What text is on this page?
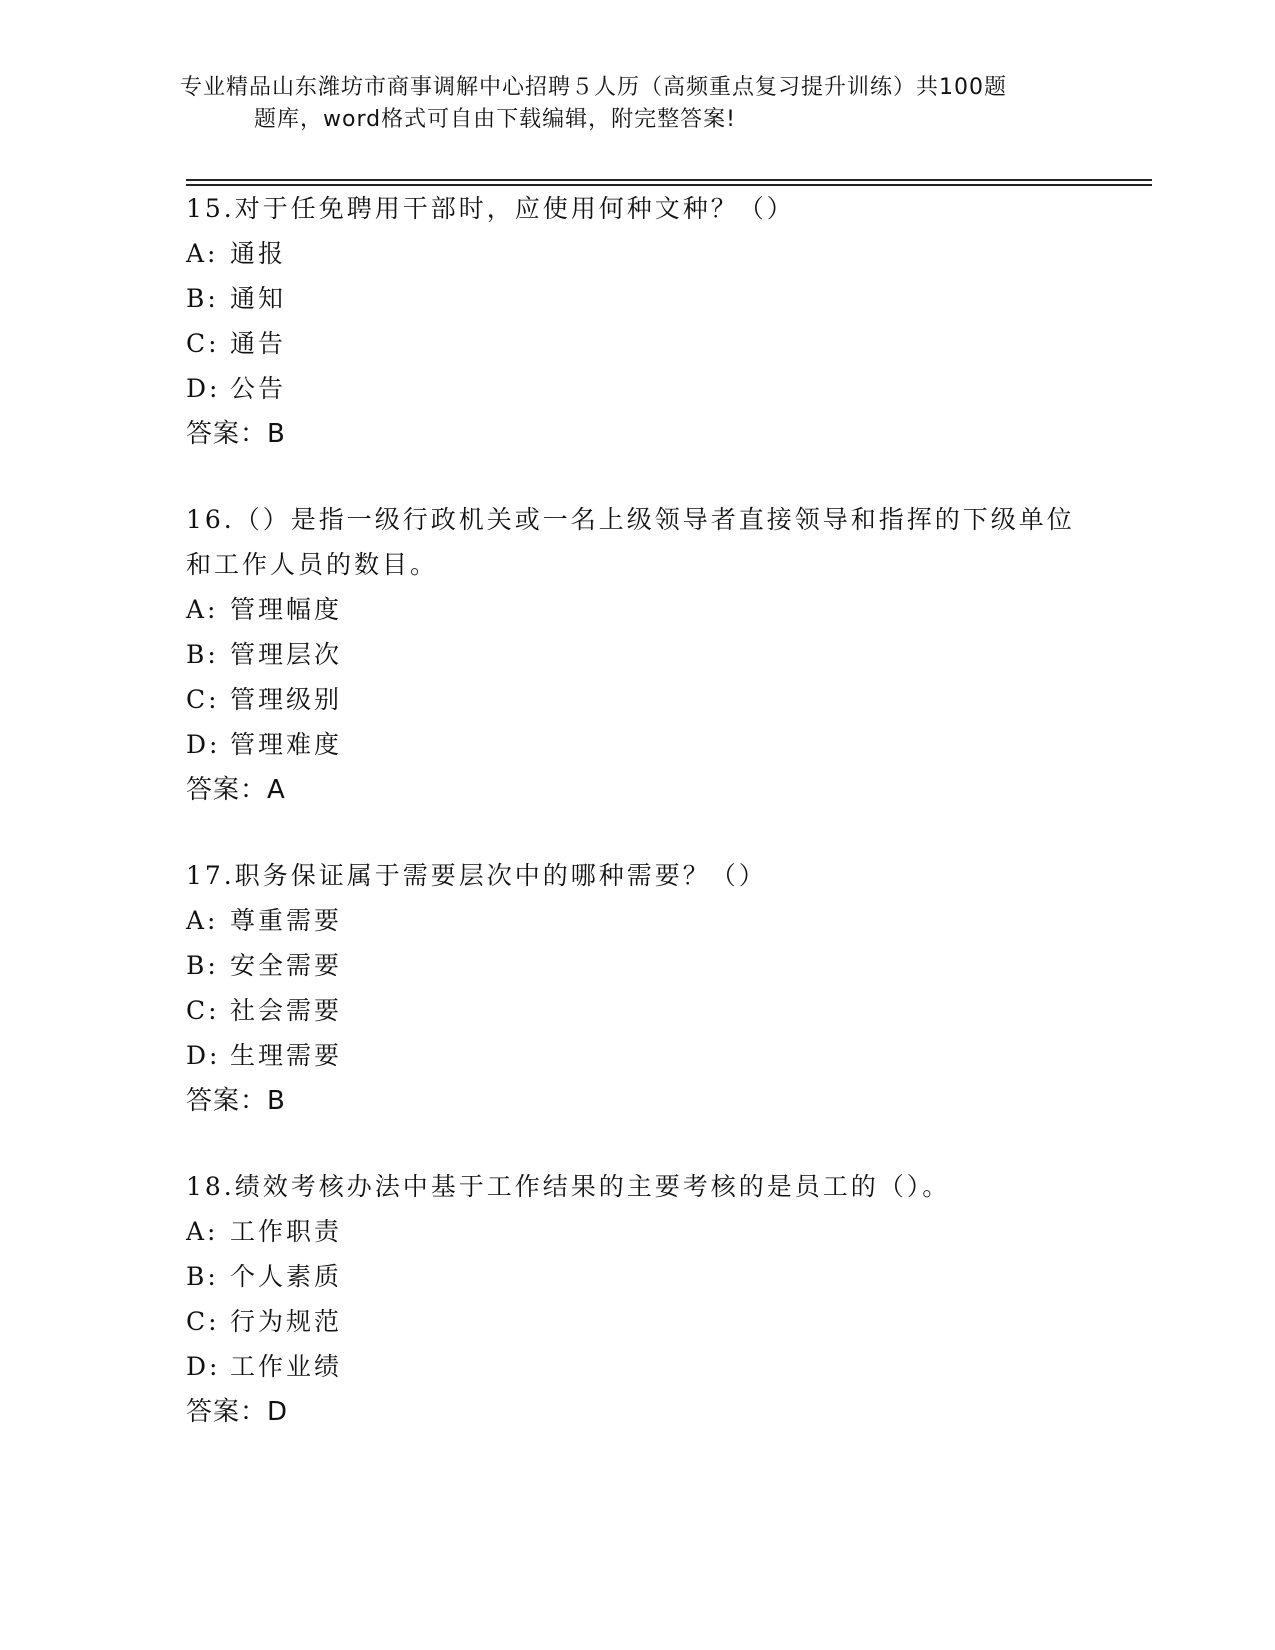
专业精品山东潍坊市商事调解中心招聘５人历（高频重点复习提升训练）共100题
题库，word格式可自由下载编辑，附完整答案!
15.对于任免聘用干部时，应使用何种文种？（）
A: 通报
B: 通知
C: 通告
D: 公告
答案：B
16.（）是指一级行政机关或一名上级领导者直接领导和指挥的下级单位和工作人员的数目。
A: 管理幅度
B: 管理层次
C: 管理级别
D: 管理难度
答案：A
17.职务保证属于需要层次中的哪种需要？（）
A: 尊重需要
B: 安全需要
C: 社会需要
D: 生理需要
答案：B
18.绩效考核办法中基于工作结果的主要考核的是员工的（）。
A: 工作职责
B: 个人素质
C: 行为规范
D: 工作业绩
答案：D
